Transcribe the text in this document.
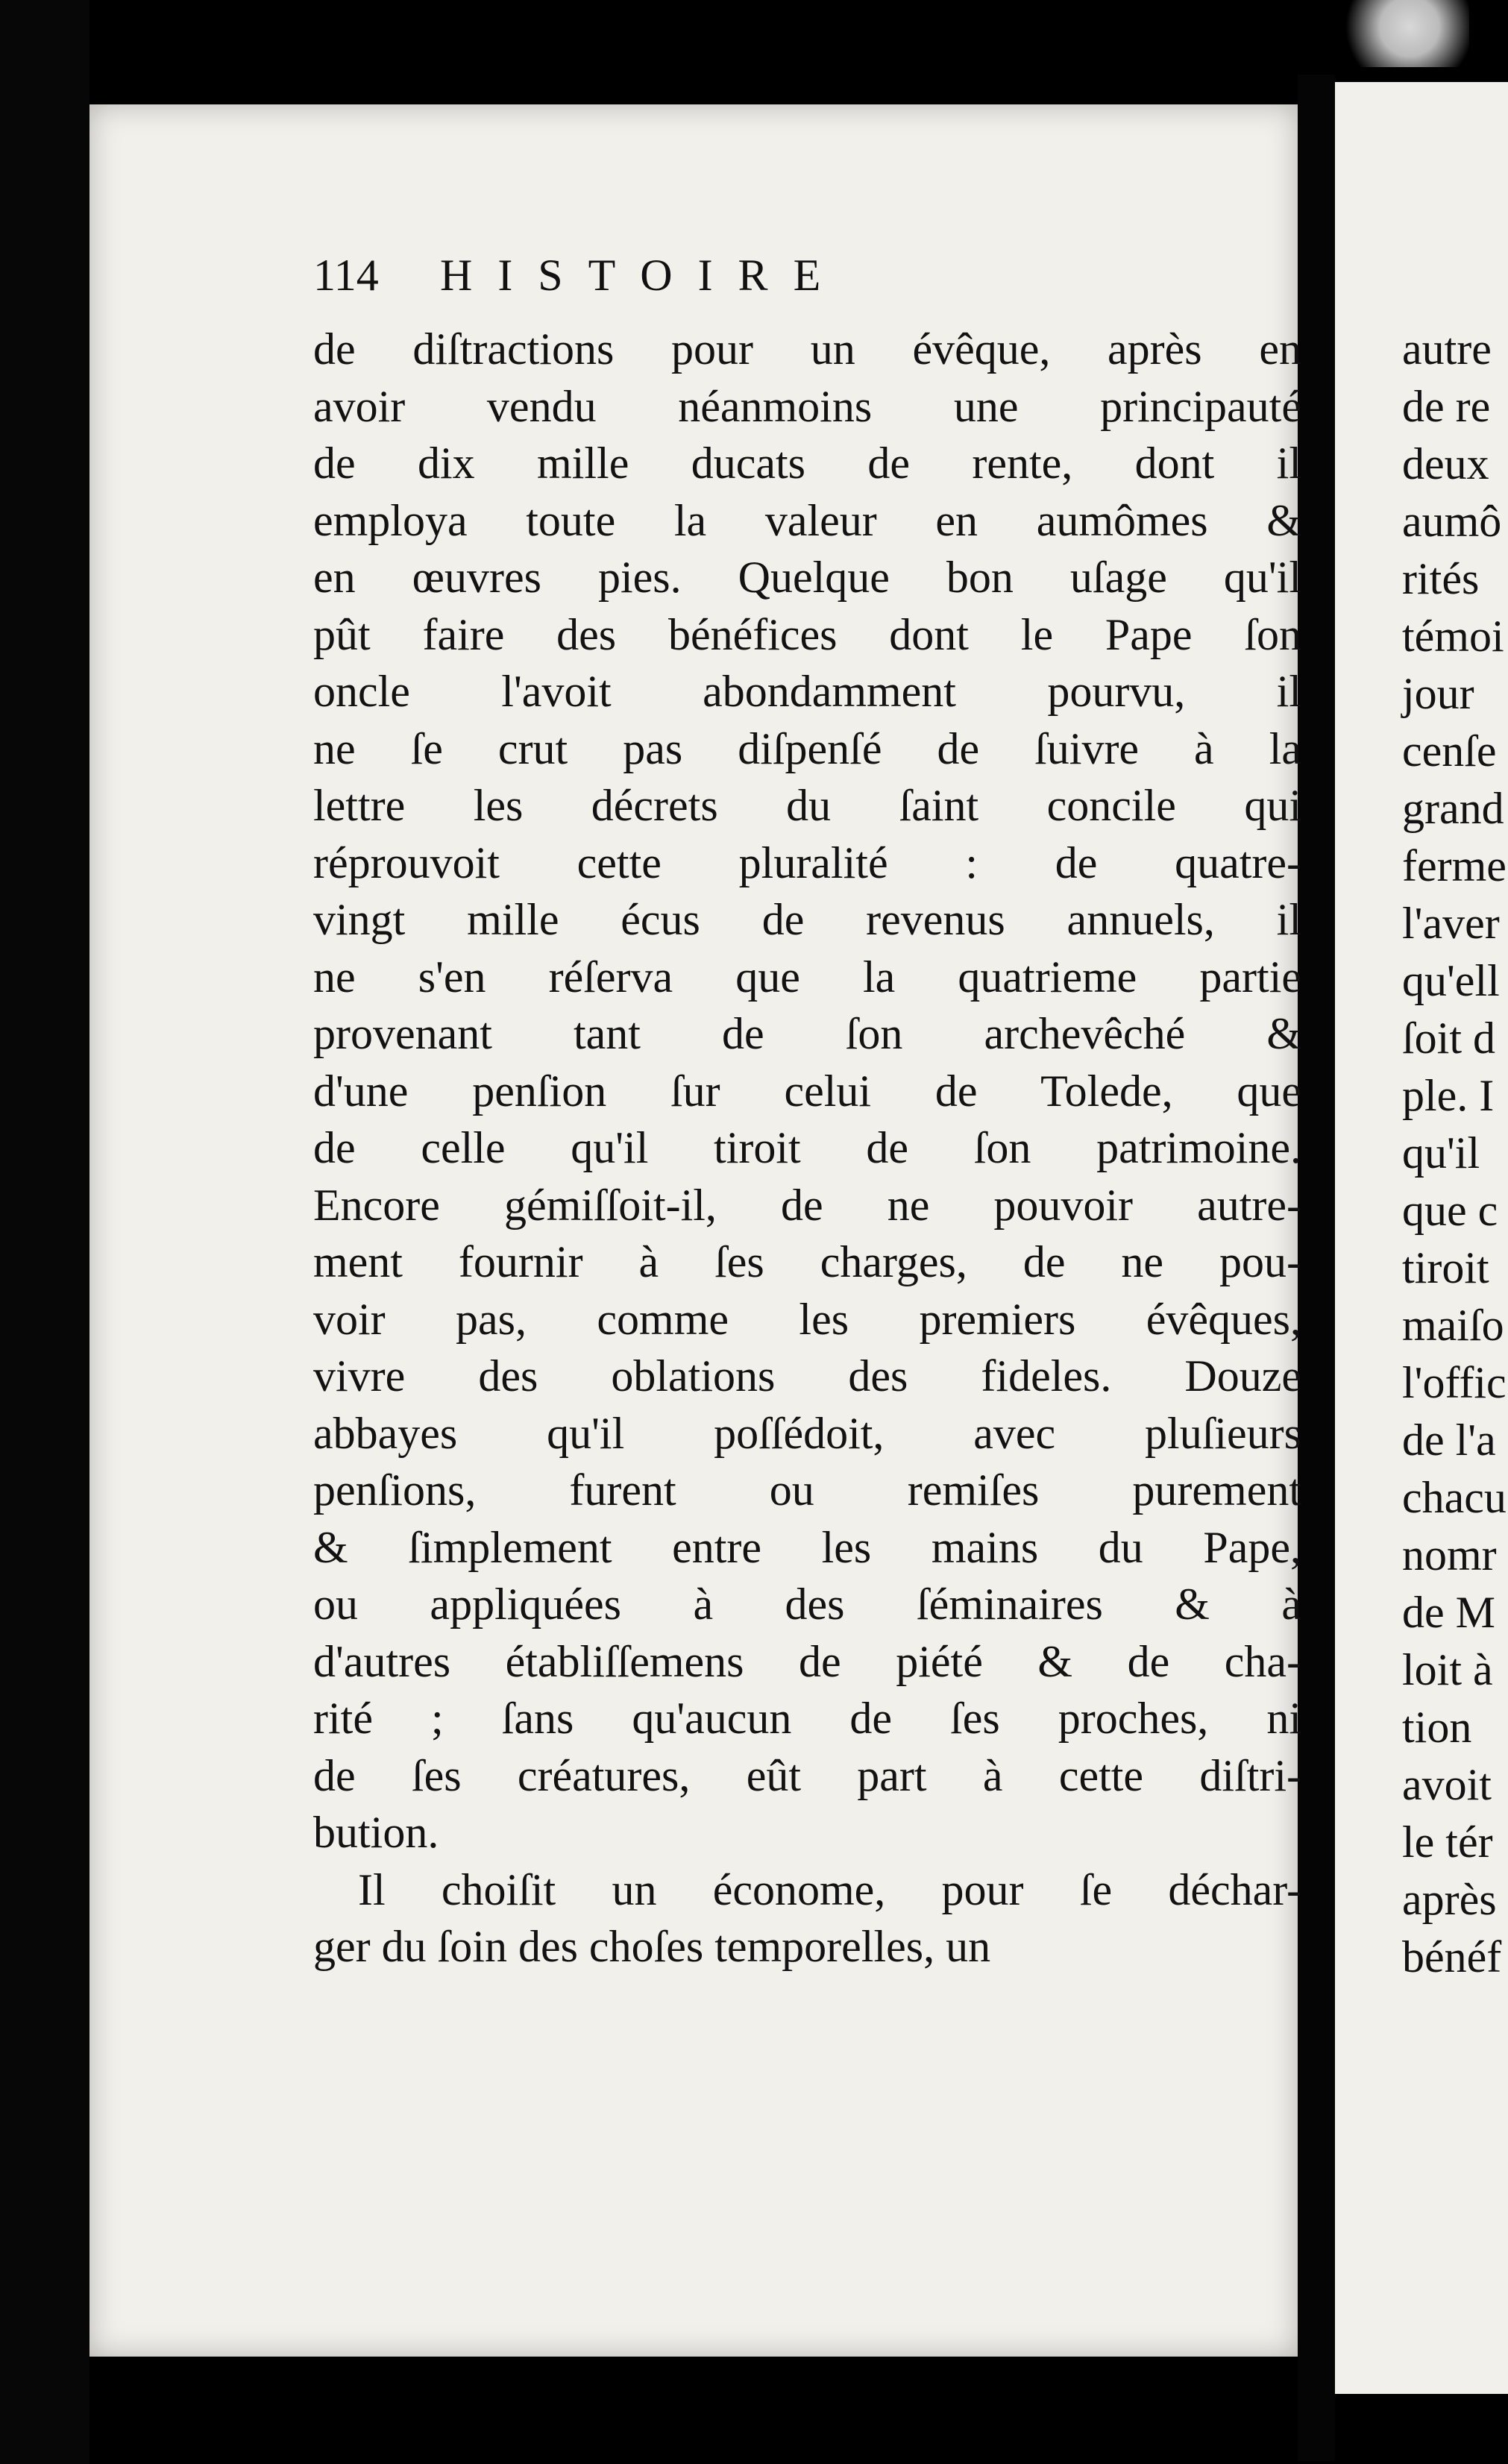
114 HISTOIRE
de diſtractions pour un évêque, après en
avoir vendu néanmoins une principauté
de dix mille ducats de rente, dont il
employa toute la valeur en aumômes &
en œuvres pies. Quelque bon uſage qu'il
pût faire des bénéfices dont le Pape ſon
oncle l'avoit abondamment pourvu, il
ne ſe crut pas diſpenſé de ſuivre à la
lettre les décrets du ſaint concile qui
réprouvoit cette pluralité : de quatre-
vingt mille écus de revenus annuels, il
ne s'en réſerva que la quatrieme partie
provenant tant de ſon archevêché &
d'une penſion ſur celui de Tolede, que
de celle qu'il tiroit de ſon patrimoine.
Encore gémiſſoit-il, de ne pouvoir autre-
ment fournir à ſes charges, de ne pou-
voir pas, comme les premiers évêques,
vivre des oblations des fideles. Douze
abbayes qu'il poſſédoit, avec pluſieurs
penſions, furent ou remiſes purement
& ſimplement entre les mains du Pape,
ou appliquées à des ſéminaires & à
d'autres établiſſemens de piété & de cha-
rité ; ſans qu'aucun de ſes proches, ni
de ſes créatures, eût part à cette diſtri-
bution.
Il choiſit un économe, pour ſe déchar-
ger du ſoin des choſes temporelles, un
autre
de re
deux
aumô
rités
témoi
jour
cenſe
grand
ferme
l'aver
qu'ell
ſoit d
ple. I
qu'il
que c
tiroit
maiſo
l'offic
de l'a
chacu
nomr
de M
loit à
tion
avoit
le tér
après
bénéf
